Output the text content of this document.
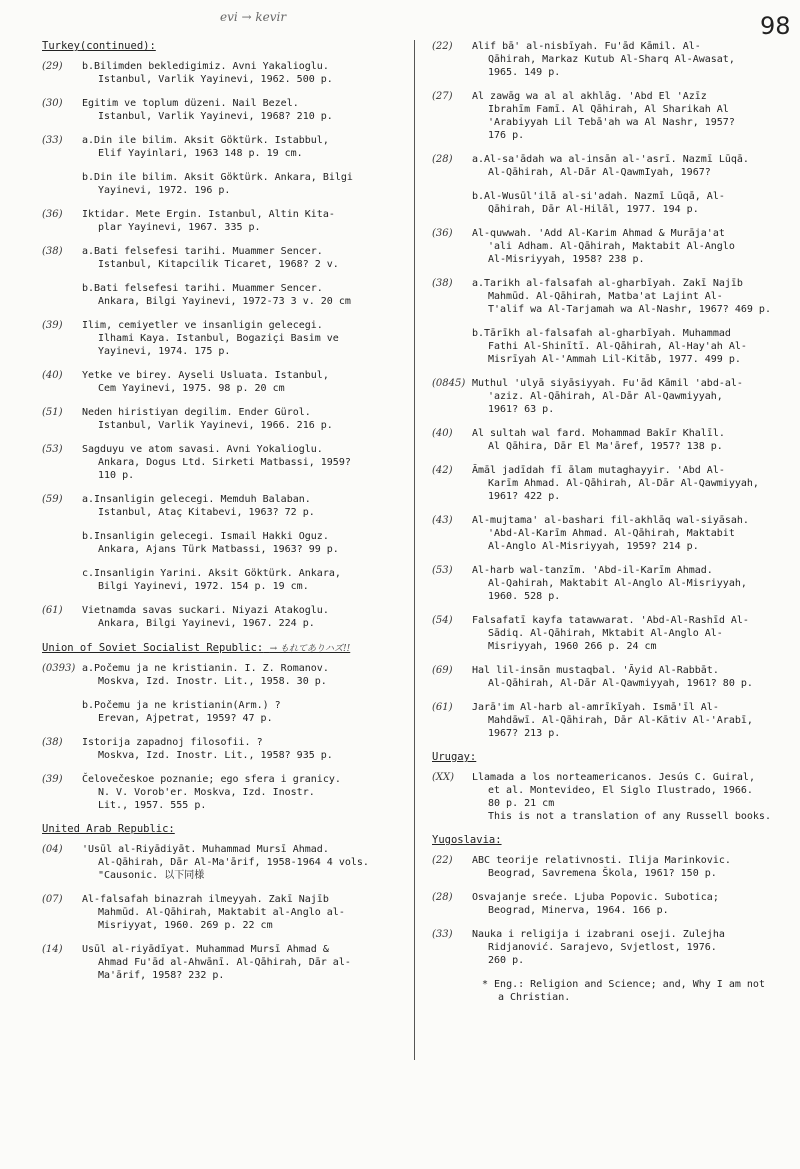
98
evi → kevir
Turkey(continued):
(29)	b.Bilimden bekledigimiz. Avni Yakalioglu.
Istanbul, Varlik Yayinevi, 1962. 500 p.
(30)	Egitim ve toplum düzeni. Nail Bezel.
Istanbul, Varlik Yayinevi, 1968? 210 p.
(33)	a.Din ile bilim. Aksit Göktürk. Istabbul,
Elif Yayinlari, 1963 148 p. 19 cm.
b.Din ile bilim. Aksit Göktürk. Ankara, Bilgi
Yayinevi, 1972. 196 p.
(36)	Iktidar. Mete Ergin. Istanbul, Altin Kita-
plar Yayinevi, 1967. 335 p.
(38)	a.Bati felsefesi tarihi. Muammer Sencer.
Istanbul, Kitapcilik Ticaret, 1968? 2 v.
b.Bati felsefesi tarihi. Muammer Sencer.
Ankara, Bilgi Yayinevi, 1972-73 3 v. 20 cm
(39)	Ilim, cemiyetler ve insanligin gelecegi.
Ilhami Kaya. Istanbul, Bogaziçi Basim ve
Yayinevi, 1974. 175 p.
(40)	Yetke ve birey. Ayseli Usluata. Istanbul,
Cem Yayinevi, 1975. 98 p. 20 cm
(51)	Neden hiristiyan degilim. Ender Gürol.
Istanbul, Varlik Yayinevi, 1966. 216 p.
(53)	Sagduyu ve atom savasi. Avni Yokalioglu.
Ankara, Dogus Ltd. Sirketi Matbassi, 1959?
110 p.
(59)	a.Insanligin gelecegi. Memduh Balaban.
Istanbul, Ataç Kitabevi, 1963? 72 p.
b.Insanligin gelecegi. Ismail Hakki Oguz.
Ankara, Ajans Türk Matbassi, 1963? 99 p.
c.Insanligin Yarini. Aksit Göktürk. Ankara,
Bilgi Yayinevi, 1972. 154 p. 19 cm.
(61)	Vietnamda savas suckari. Niyazi Atakoglu.
Ankara, Bilgi Yayinevi, 1967. 224 p.
Union of Soviet Socialist Republic: → もれてありハズ!!
(0393) a.Počemu ja ne kristianin. I. Z. Romanov.
Moskva, Izd. Inostr. Lit., 1958. 30 p.
b.Počemu ja ne kristianin(Arm.) ?
Erevan, Ajpetrat, 1959? 47 p.
(38)	Istorija zapadnoj filosofii. ?
Moskva, Izd. Inostr. Lit., 1958? 935 p.
(39)	Čelovečeskoe poznanie; ego sfera i granicy.
N. V. Vorob'er. Moskva, Izd. Inostr.
Lit., 1957. 555 p.
United Arab Republic:
(04)	'Usūl al-Riyādiyāt. Muhammad Mursī Ahmad.
Al-Qāhirah, Dār Al-Ma'ārif, 1958-1964 4 vols.
"Causonic. 以下同様
(07)	Al-falsafah binazrah ilmeyyah. Zakī Najīb
Mahmūd. Al-Qāhirah, Maktabit al-Anglo al-
Misriyyat, 1960. 269 p. 22 cm
(14)	Usūl al-riyādīyat. Muhammad Mursī Ahmad &
Ahmad Fu'ād al-Ahwānī. Al-Qāhirah, Dār al-
Ma'ārif, 1958? 232 p.
(22)	Alif bā' al-nisbīyah. Fu'ād Kāmil. Al-
Qāhirah, Markaz Kutub Al-Sharq Al-Awasat,
1965. 149 p.
(27)	Al zawāg wa al al akhlāg. 'Abd El 'Azīz
Ibrahīm Famī. Al Qāhirah, Al Sharikah Al
'Arabiyyah Lil Tebā'ah wa Al Nashr, 1957?
176 p.
(28)	a.Al-sa'ādah wa al-insān al-'asrī. Nazmī Lūqā.
Al-Qāhirah, Al-Dār Al-QawmIyah, 1967?
b.Al-Wusūl'ilā al-si'adah. Nazmī Lūqā, Al-
Qāhirah, Dār Al-Hilāl, 1977. 194 p.
(36)	Al-quwwah. 'Add Al-Karim Ahmad & Murāja'at
'ali Adham. Al-Qāhirah, Maktabit Al-Anglo
Al-Misriyyah, 1958? 238 p.
(38)	a.Tarikh al-falsafah al-gharbīyah. Zakī Najīb
Mahmūd. Al-Qāhirah, Matba'at Lajint Al-
T'alif wa Al-Tarjamah wa Al-Nashr, 1967? 469 p.
b.Tārīkh al-falsafah al-gharbīyah. Muhammad
Fathi Al-Shinītī. Al-Qāhirah, Al-Hay'ah Al-
Misrīyah Al-'Ammah Lil-Kitāb, 1977. 499 p.
(0845) Muthul 'ulyā siyāsiyyah. Fu'ād Kāmil 'abd-al-
'aziz. Al-Qāhirah, Al-Dār Al-Qawmiyyah,
1961? 63 p.
(40)	Al sultah wal fard. Mohammad Bakīr Khalīl.
Al Qāhira, Dār El Ma'āref, 1957? 138 p.
(42)	Āmāl jadīdah fī ālam mutaghayyir. 'Abd Al-
Karīm Ahmad. Al-Qāhirah, Al-Dār Al-Qawmiyyah,
1961? 422 p.
(43)	Al-mujtama' al-bashari fil-akhlāq wal-siyāsah.
'Abd-Al-Karīm Ahmad. Al-Qāhirah, Maktabit
Al-Anglo Al-Misriyyah, 1959? 214 p.
(53)	Al-harb wal-tanzīm. 'Abd-il-Karīm Ahmad.
Al-Qahirah, Maktabit Al-Anglo Al-Misriyyah,
1960. 528 p.
(54)	Falsafatī kayfa tatawwarat. 'Abd-Al-Rashīd Al-
Sādiq. Al-Qāhirah, Mktabit Al-Anglo Al-
Misriyyah, 1960 266 p. 24 cm
(69)	Hal lil-insān mustaqbal. 'Āyid Al-Rabbāt.
Al-Qāhirah, Al-Dār Al-Qawmiyyah, 1961? 80 p.
(61)	Jarā'im Al-harb al-amrīkīyah. Ismā'īl Al-
Mahdāwī. Al-Qāhirah, Dār Al-Kātiv Al-'Arabī,
1967? 213 p.
Urugay:
(XX)	Llamada a los norteamericanos. Jesús C. Guiral,
et al. Montevideo, El Siglo Ilustrado, 1966.
80 p. 21 cm
This is not a translation of any Russell books.
Yugoslavia:
(22)	ABC teorije relativnosti. Ilija Marinkovic.
Beograd, Savremena Škola, 1961? 150 p.
(28)	Osvajanje sreće. Ljuba Popovic. Subotica;
Beograd, Minerva, 1964. 166 p.
(33)	Nauka i religija i izabrani oseji. Zulejha
Ridjanović. Sarajevo, Svjetlost, 1976.
260 p.
* Eng.: Religion and Science; and, Why I am not
a Christian.
